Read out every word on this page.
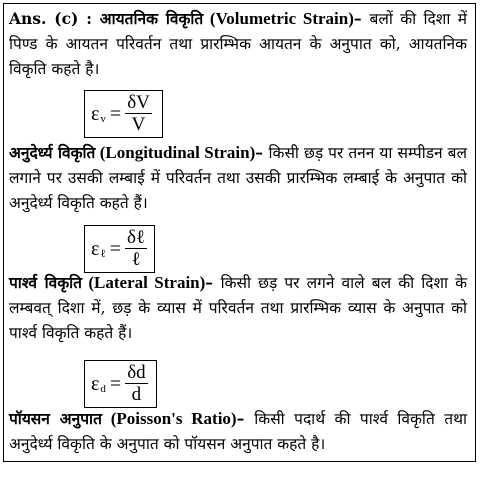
Ans. (c) : आयतनिक विकृति (Volumetric Strain)– बलों की दिशा में पिण्ड के आयतन परिवर्तन तथा प्रारम्भिक आयतन के अनुपात को, आयतनिक विकृति कहते है।
$\varepsilon_v = \frac{\delta V}{V}$
अनुदेर्ध्य विकृति (Longitudinal Strain)– किसी छड़ पर तनन या सम्पीडन बल लगाने पर उसकी लम्बाई में परिवर्तन तथा उसकी प्रारम्भिक लम्बाई के अनुपात को अनुदेर्ध्य विकृति कहते हैं।
$\varepsilon_\ell = \frac{\text{δℓ}}{\text{ℓ}}$
पार्श्व विकृति (Lateral Strain)– किसी छड़ पर लगने वाले बल की दिशा के लम्बवत् दिशा में, छड़ के व्यास में परिवर्तन तथा प्रारम्भिक व्यास के अनुपात को पार्श्व विकृति कहते हैं।
$\varepsilon_d = \frac{\delta d}{d}$
पॉयसन अनुपात (Poisson's Ratio)– किसी पदार्थ की पार्श्व विकृति तथा अनुदेर्ध्य विकृति के अनुपात को पॉयसन अनुपात कहते है।
